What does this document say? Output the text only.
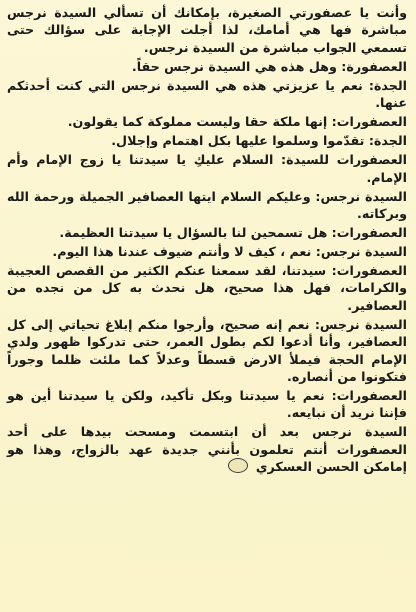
وأنت يا عصفورتي الصغيرة، بإمكانك أن تسألي السيدة نرجس مباشرة فها هي أمامك، لذا أجلت الإجابة على سؤالك حتى تسمعي الجواب مباشرة من السيدة نرجس.

العصفورة: وهل هذه هي السيدة نرجس حقاً.

الجدة: نعم يا عزيزتي هذه هي السيدة نرجس التي كنت أحدثكم عنها.

العصفورات: إنها ملكة حقا وليست مملوكة كما يقولون.

الجدة: تقدّموا وسلموا عليها بكل اهتمام وإجلال.

العصفورات للسيدة: السلام عليكِ يا سيدتنا يا زوج الإمام وأم الإمام.

السيدة نرجس: وعليكم السلام ايتها العصافير الجميلة ورحمة الله وبركاته.

العصفورات: هل تسمحين لنا بالسؤال يا سيدتنا العظيمة.

السيدة نرجس: نعم ، كيف لا وأنتم ضيوف عندنا هذا اليوم.

العصفورات: سيدتنا، لقد سمعنا عنكم الكثير من القصص العجيبة والكرامات، فهل هذا صحيح، هل نحدث به كل من نجده من العصافير.

السيدة نرجس: نعم إنه صحيح، وأرجوا منكم إبلاغ تحياتي إلى كل العصافير، وأنا أدعوا لكم بطول العمر، حتى تدركوا ظهور ولدي الإمام الحجة فيملأ الارض قسطاً وعدلاً كما ملئت ظلما وجوراً فتكونوا من أنصاره.

العصفورات: نعم يا سيدتنا وبكل تأكيد، ولكن يا سيدتنا أين هو فإننا نريد أن نبايعه.

السيدة نرجس بعد أن ابتسمت ومسحت بيدها على أحد العصفورات أنتم تعلمون بأنني جديدة عهد بالزواج، وهذا هو إمامكن الحسن العسكري
